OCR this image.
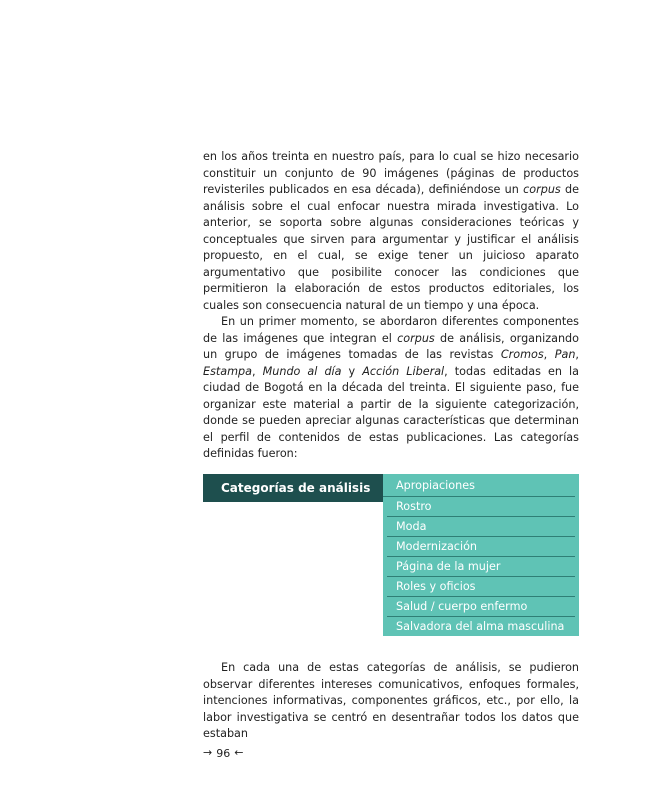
en los años treinta en nuestro país, para lo cual se hizo necesario constituir un conjunto de 90 imágenes (páginas de productos revisteriles publicados en esa década), definiéndose un corpus de análisis sobre el cual enfocar nuestra mirada investigativa. Lo anterior, se soporta sobre algunas consideraciones teóricas y conceptuales que sirven para argumentar y justificar el análisis propuesto, en el cual, se exige tener un juicioso aparato argumentativo que posibilite conocer las condiciones que permitieron la elaboración de estos productos editoriales, los cuales son consecuencia natural de un tiempo y una época.

En un primer momento, se abordaron diferentes componentes de las imágenes que integran el corpus de análisis, organizando un grupo de imágenes tomadas de las revistas Cromos, Pan, Estampa, Mundo al día y Acción Liberal, todas editadas en la ciudad de Bogotá en la década del treinta. El siguiente paso, fue organizar este material a partir de la siguiente categorización, donde se pueden apreciar algunas características que determinan el perfil de contenidos de estas publicaciones. Las categorías definidas fueron:

Categorías de análisis	Apropiaciones
Rostro
Moda
Modernización
Página de la mujer
Roles y oficios
Salud / cuerpo enfermo
Salvadora del alma masculina

En cada una de estas categorías de análisis, se pudieron observar diferentes intereses comunicativos, enfoques formales, intenciones informativas, componentes gráficos, etc., por ello, la labor investigativa se centró en desentrañar todos los datos que estaban

→ 96 ←
